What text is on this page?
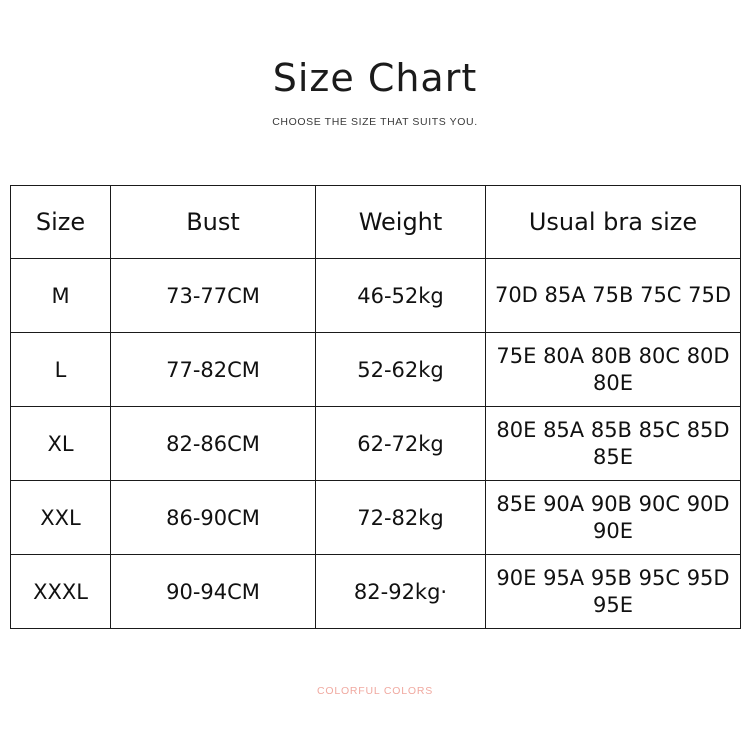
Size Chart
CHOOSE THE SIZE THAT SUITS YOU.
Size	Bust	Weight	Usual bra size
M	73-77CM	46-52kg	70D 85A 75B 75C 75D
L	77-82CM	52-62kg	75E 80A 80B 80C 80D 80E
XL	82-86CM	62-72kg	80E 85A 85B 85C 85D 85E
XXL	86-90CM	72-82kg	85E 90A 90B 90C 90D 90E
XXXL	90-94CM	82-92kg·	90E 95A 95B 95C 95D 95E
COLORFUL COLORS
